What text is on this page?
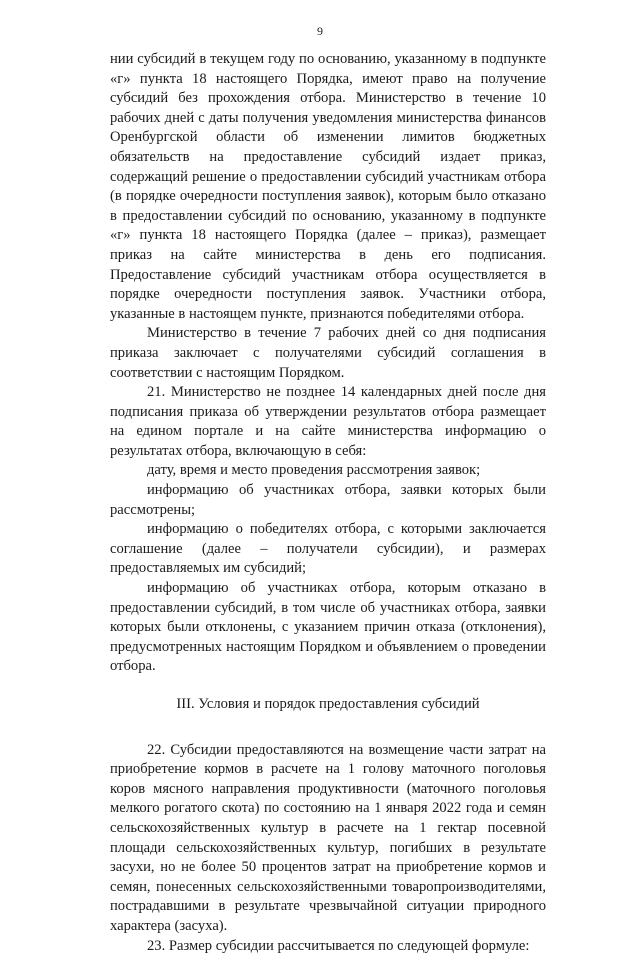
9

нии субсидий в текущем году по основанию, указанному в подпункте «г» пункта 18 настоящего Порядка, имеют право на получение субсидий без прохождения отбора. Министерство в течение 10 рабочих дней с даты получения уведомления министерства финансов Оренбургской области об изменении лимитов бюджетных обязательств на предоставление субсидий издает приказ, содержащий решение о предоставлении субсидий участникам отбора (в порядке очередности поступления заявок), которым было отказано в предоставлении субсидий по основанию, указанному в подпункте «г» пункта 18 настоящего Порядка (далее – приказ), размещает приказ на сайте министерства в день его подписания. Предоставление субсидий участникам отбора осуществляется в порядке очередности поступления заявок. Участники отбора, указанные в настоящем пункте, признаются победителями отбора.

Министерство в течение 7 рабочих дней со дня подписания приказа заключает с получателями субсидий соглашения в соответствии с настоящим Порядком.

21. Министерство не позднее 14 календарных дней после дня подписания приказа об утверждении результатов отбора размещает на едином портале и на сайте министерства информацию о результатах отбора, включающую в себя:

дату, время и место проведения рассмотрения заявок;

информацию об участниках отбора, заявки которых были рассмотрены;

информацию о победителях отбора, с которыми заключается соглашение (далее – получатели субсидии), и размерах предоставляемых им субсидий;

информацию об участниках отбора, которым отказано в предоставлении субсидий, в том числе об участниках отбора, заявки которых были отклонены, с указанием причин отказа (отклонения), предусмотренных настоящим Порядком и объявлением о проведении отбора.

III. Условия и порядок предоставления субсидий

22. Субсидии предоставляются на возмещение части затрат на приобретение кормов в расчете на 1 голову маточного поголовья коров мясного направления продуктивности (маточного поголовья мелкого рогатого скота) по состоянию на 1 января 2022 года и семян сельскохозяйственных культур в расчете на 1 гектар посевной площади сельскохозяйственных культур, погибших в результате засухи, но не более 50 процентов затрат на приобретение кормов и семян, понесенных сельскохозяйственными товаропроизводителями, пострадавшими в результате чрезвычайной ситуации природного характера (засуха).

23. Размер субсидии рассчитывается по следующей формуле:
